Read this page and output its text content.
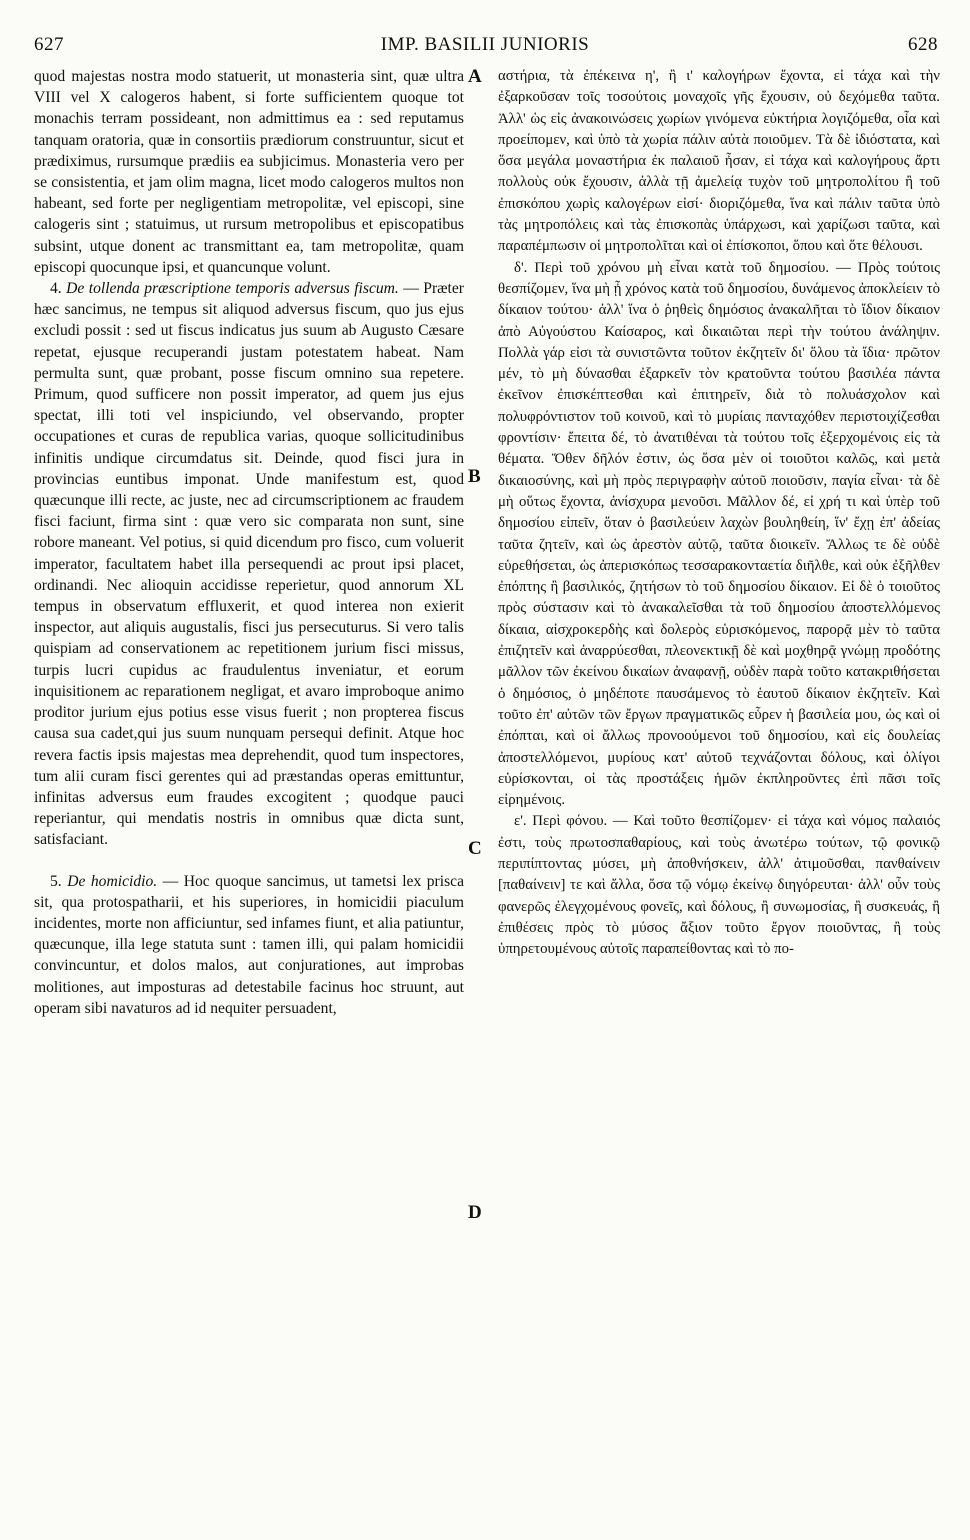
627	IMP. BASILII JUNIORIS	628

quod majestas nostra modo statuerit, ut monasteria sint, quæ ultra VIII vel X calogeros habent, si forte sufficientem quoque tot monachis terram possideant, non admittimus ea : sed reputamus tanquam oratoria, quæ in consortiis prædiorum construuntur, sicut et prædiximus, rursumque prædiis ea subjicimus. Monasteria vero per se consistentia, et jam olim magna, licet modo calogeros multos non habeant, sed forte per negligentiam metropolitæ, vel episcopi, sine calogeris sint ; statuimus, ut rursum metropolibus et episcopatibus subsint, utque donent ac transmittant ea, tam metropolitæ, quam episcopi quocunque ipsi, et quancunque volunt.

4. De tollenda præscriptione temporis adversus fiscum. — Præter hæc sancimus, ne tempus sit aliquod adversus fiscum, quo jus ejus excludi possit : sed ut fiscus indicatus jus suum ab Augusto Cæsare repetat, ejusque recuperandi justam potestatem habeat. Nam permulta sunt, quæ probant, posse fiscum omnino sua repetere. Primum, quod sufficere non possit imperator, ad quem jus ejus spectat, illi toti vel inspiciundo, vel observando, propter occupationes et curas de republica varias, quoque sollicitudinibus infinitis undique circumdatus sit. Deinde, quod fisci jura in provincias euntibus imponat. Unde manifestum est, quod quæcunque illi recte, ac juste, nec ad circumscriptionem ac fraudem fisci faciunt, firma sint : quæ vero sic comparata non sunt, sine robore maneant. Vel potius, si quid dicendum pro fisco, cum voluerit imperator, facultatem habet illa persequendi ac prout ipsi placet, ordinandi. Nec alioquin accidisse reperietur, quod annorum XL tempus in observatum effluxerit, et quod interea non exierit inspector, aut aliquis augustalis, fisci jus persecuturus. Si vero talis quispiam ad conservationem ac repetitionem jurium fisci missus, turpis lucri cupidus ac fraudulentus inveniatur, et eorum inquisitionem ac reparationem negligat, et avaro improboque animo proditor jurium ejus potius esse visus fuerit ; non propterea fiscus causa sua cadet,qui jus suum nunquam persequi definit. Atque hoc revera factis ipsis majestas mea deprehendit, quod tum inspectores, tum alii curam fisci gerentes qui ad præstandas operas emittuntur, infinitas adversus eum fraudes excogitent ; quodque pauci reperiantur, qui mendatis nostris in omnibus quæ dicta sunt, satisfaciant.

5. De homicidio. — Hoc quoque sancimus, ut tametsi lex prisca sit, qua protospatharii, et his superiores, in homicidii piaculum incidentes, morte non afficiuntur, sed infames fiunt, et alia patiuntur, quæcunque, illa lege statuta sunt : tamen illi, qui palam homicidii convincuntur, et dolos malos, aut conjurationes, aut improbas molitiones, aut imposturas ad detestabile facinus hoc struunt, aut operam sibi navaturos ad id nequiter persuadent,

A
B
C
D

αστήρια, τὰ ἐπέκεινα η', ἢ ι' καλογήρων ἔχοντα, εἰ τάχα καὶ τὴν ἐξαρκοῦσαν τοῖς τοσούτοις μοναχοῖς γῆς ἔχουσιν, οὐ δεχόμεθα ταῦτα. Ἀλλ' ὡς εἰς ἀνακοινώσεις χωρίων γινόμενα εὐκτήρια λογιζόμεθα, οἷα καὶ προείπομεν, καὶ ὑπὸ τὰ χωρία πάλιν αὐτὰ ποιοῦμεν. Τὰ δὲ ἰδιόστατα, καὶ ὅσα μεγάλα μοναστήρια ἐκ παλαιοῦ ἦσαν, εἰ τάχα καὶ καλογήρους ἄρτι πολλοὺς οὐκ ἔχουσιν, ἀλλὰ τῇ ἀμελείᾳ τυχὸν τοῦ μητροπολίτου ἢ τοῦ ἐπισκόπου χωρὶς καλογέρων εἰσί· διοριζόμεθα, ἵνα καὶ πάλιν ταῦτα ὑπὸ τὰς μητροπόλεις καὶ τὰς ἐπισκοπὰς ὑπάρχωσι, καὶ χαρίζωσι ταῦτα, καὶ παραπέμπωσιν οἱ μητροπολῖται καὶ οἱ ἐπίσκοποι, ὅπου καὶ ὅτε θέλουσι.

δ'. Περὶ τοῦ χρόνου μὴ εἶναι κατὰ τοῦ δημοσίου. — Πρὸς τούτοις θεσπίζομεν, ἵνα μὴ ᾖ χρόνος κατὰ τοῦ δημοσίου, δυνάμενος ἀποκλείειν τὸ δίκαιον τούτου· ἀλλ' ἵνα ὁ ῥηθεὶς δημόσιος ἀνακαλῆται τὸ ἴδιον δίκαιον ἀπὸ Αὐγούστου Καίσαρος, καὶ δικαιῶται περὶ τὴν τούτου ἀνάληψιν. Πολλὰ γάρ εἰσι τὰ συνιστῶντα τοῦτον ἐκζητεῖν δι' ὅλου τὰ ἴδια· πρῶτον μέν, τὸ μὴ δύνασθαι ἐξαρκεῖν τὸν κρατοῦντα τούτου βασιλέα πάντα ἐκεῖνον ἐπισκέπτεσθαι καὶ ἐπιτηρεῖν, διὰ τὸ πολυάσχολον καὶ πολυφρόντιστον τοῦ κοινοῦ, καὶ τὸ μυρίαις πανταχόθεν περιστοιχίζεσθαι φροντίσιν· ἔπειτα δέ, τὸ ἀνατιθέναι τὰ τούτου τοῖς ἐξερχομένοις εἰς τὰ θέματα. Ὅθεν δῆλόν ἐστιν, ὡς ὅσα μὲν οἱ τοιοῦτοι καλῶς, καὶ μετὰ δικαιοσύνης, καὶ μὴ πρὸς περιγραφὴν αὐτοῦ ποιοῦσιν, παγία εἶναι· τὰ δὲ μὴ οὕτως ἔχοντα, ἀνίσχυρα μενοῦσι. Μᾶλλον δέ, εἰ χρή τι καὶ ὑπὲρ τοῦ δημοσίου εἰπεῖν, ὅταν ὁ βασιλεύειν λαχὼν βουληθείη, ἵν' ἔχῃ ἐπ' ἀδείας ταῦτα ζητεῖν, καὶ ὡς ἀρεστὸν αὐτῷ, ταῦτα διοικεῖν. Ἄλλως τε δὲ οὐδὲ εὑρεθήσεται, ὡς ἀπερισκόπως τεσσαρακονταετία διῆλθε, καὶ οὐκ ἐξῆλθεν ἐπόπτης ἢ βασιλικός, ζητήσων τὸ τοῦ δημοσίου δίκαιον. Εἰ δὲ ὁ τοιοῦτος πρὸς σύστασιν καὶ τὸ ἀνακαλεῖσθαι τὰ τοῦ δημοσίου ἀποστελλόμενος δίκαια, αἰσχροκερδὴς καὶ δολερὸς εὑρισκόμενος, παρορᾷ μὲν τὸ ταῦτα ἐπιζητεῖν καὶ ἀναρρύεσθαι, πλεονεκτικῇ δὲ καὶ μοχθηρᾷ γνώμῃ προδότης μᾶλλον τῶν ἐκείνου δικαίων ἀναφανῇ, οὐδὲν παρὰ τοῦτο κατακριθήσεται ὁ δημόσιος, ὁ μηδέποτε παυσάμενος τὸ ἑαυτοῦ δίκαιον ἐκζητεῖν. Καὶ τοῦτο ἐπ' αὐτῶν τῶν ἔργων πραγματικῶς εὗρεν ἡ βασιλεία μου, ὡς καὶ οἱ ἐπόπται, καὶ οἱ ἄλλως προνοούμενοι τοῦ δημοσίου, καὶ εἰς δουλείας ἀποστελλόμενοι, μυρίους κατ' αὐτοῦ τεχνάζονται δόλους, καὶ ὀλίγοι εὑρίσκονται, οἱ τὰς προστάξεις ἡμῶν ἐκπληροῦντες ἐπὶ πᾶσι τοῖς εἰρημένοις.

ε'. Περὶ φόνου. — Καὶ τοῦτο θεσπίζομεν· εἰ τάχα καὶ νόμος παλαιός ἐστι, τοὺς πρωτοσπαθαρίους, καὶ τοὺς ἀνωτέρω τούτων, τῷ φονικῷ περιπίπτοντας μύσει, μὴ ἀποθνήσκειν, ἀλλ' ἀτιμοῦσθαι, πανθαίνειν [παθαίνειν] τε καὶ ἄλλα, ὅσα τῷ νόμῳ ἐκείνῳ διηγόρευται· ἀλλ' οὖν τοὺς φανερῶς ἐλεγχομένους φονεῖς, καὶ δόλους, ἢ συνωμοσίας, ἢ συσκευάς, ἢ ἐπιθέσεις πρὸς τὸ μύσος ἄξιον τοῦτο ἔργον ποιοῦντας, ἢ τοὺς ὑπηρετουμένους αὐτοῖς παραπείθοντας καὶ τὸ πο-
